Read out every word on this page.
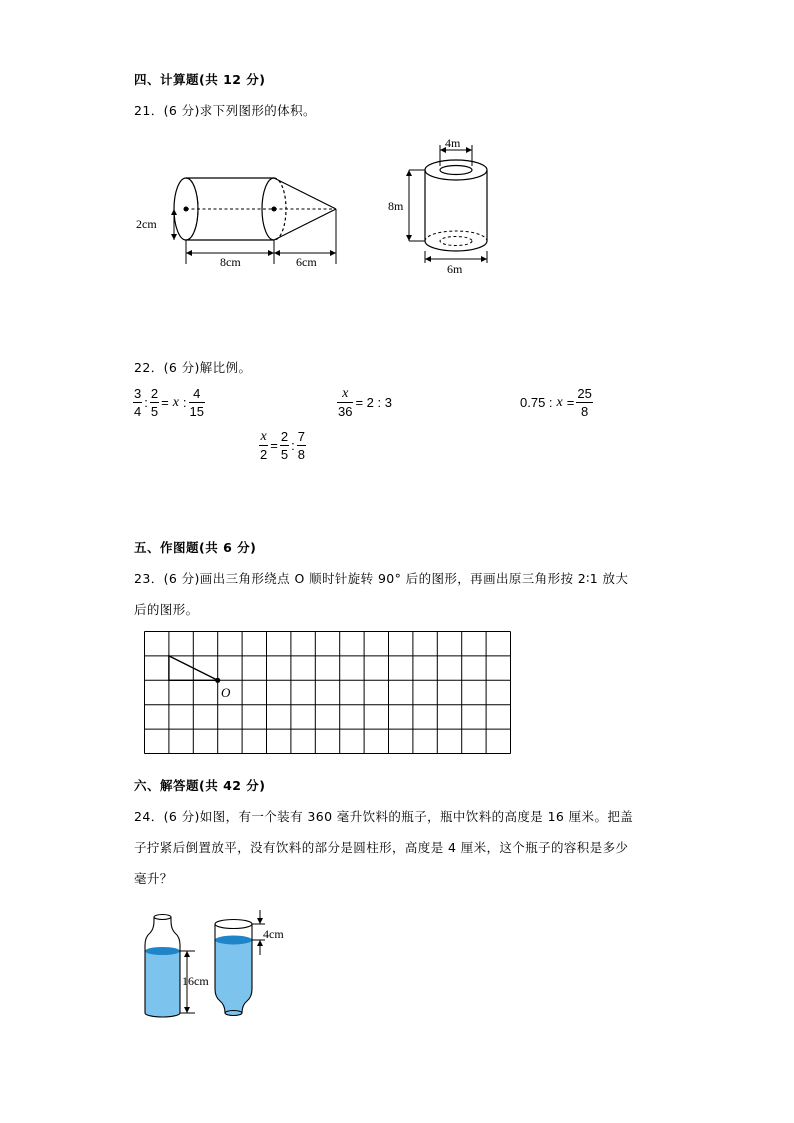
四、计算题(共 12 分)
21．(6 分)求下列图形的体积。
2cm
8cm	6cm
4m
8m
6m
22．(6 分)解比例。
$\frac{3}{4}$ : $\frac{2}{5} = x$ : $\frac{4}{15}$	$\frac{x}{36} = 2$ : 3	0.75 : $x = \frac{25}{8}$
$\frac{x}{2} = \frac{2}{5}$ : $\frac{7}{8}$
五、作图题(共 6 分)
23．(6 分)画出三角形绕点 O 顺时针旋转 90° 后的图形，再画出原三角形按 2∶1 放大
后的图形。
O
六、解答题(共 42 分)
24．(6 分)如图，有一个装有 360 毫升饮料的瓶子，瓶中饮料的高度是 16 厘米。把盖
子拧紧后倒置放平，没有饮料的部分是圆柱形，高度是 4 厘米，这个瓶子的容积是多少
毫升？
16cm
4cm
